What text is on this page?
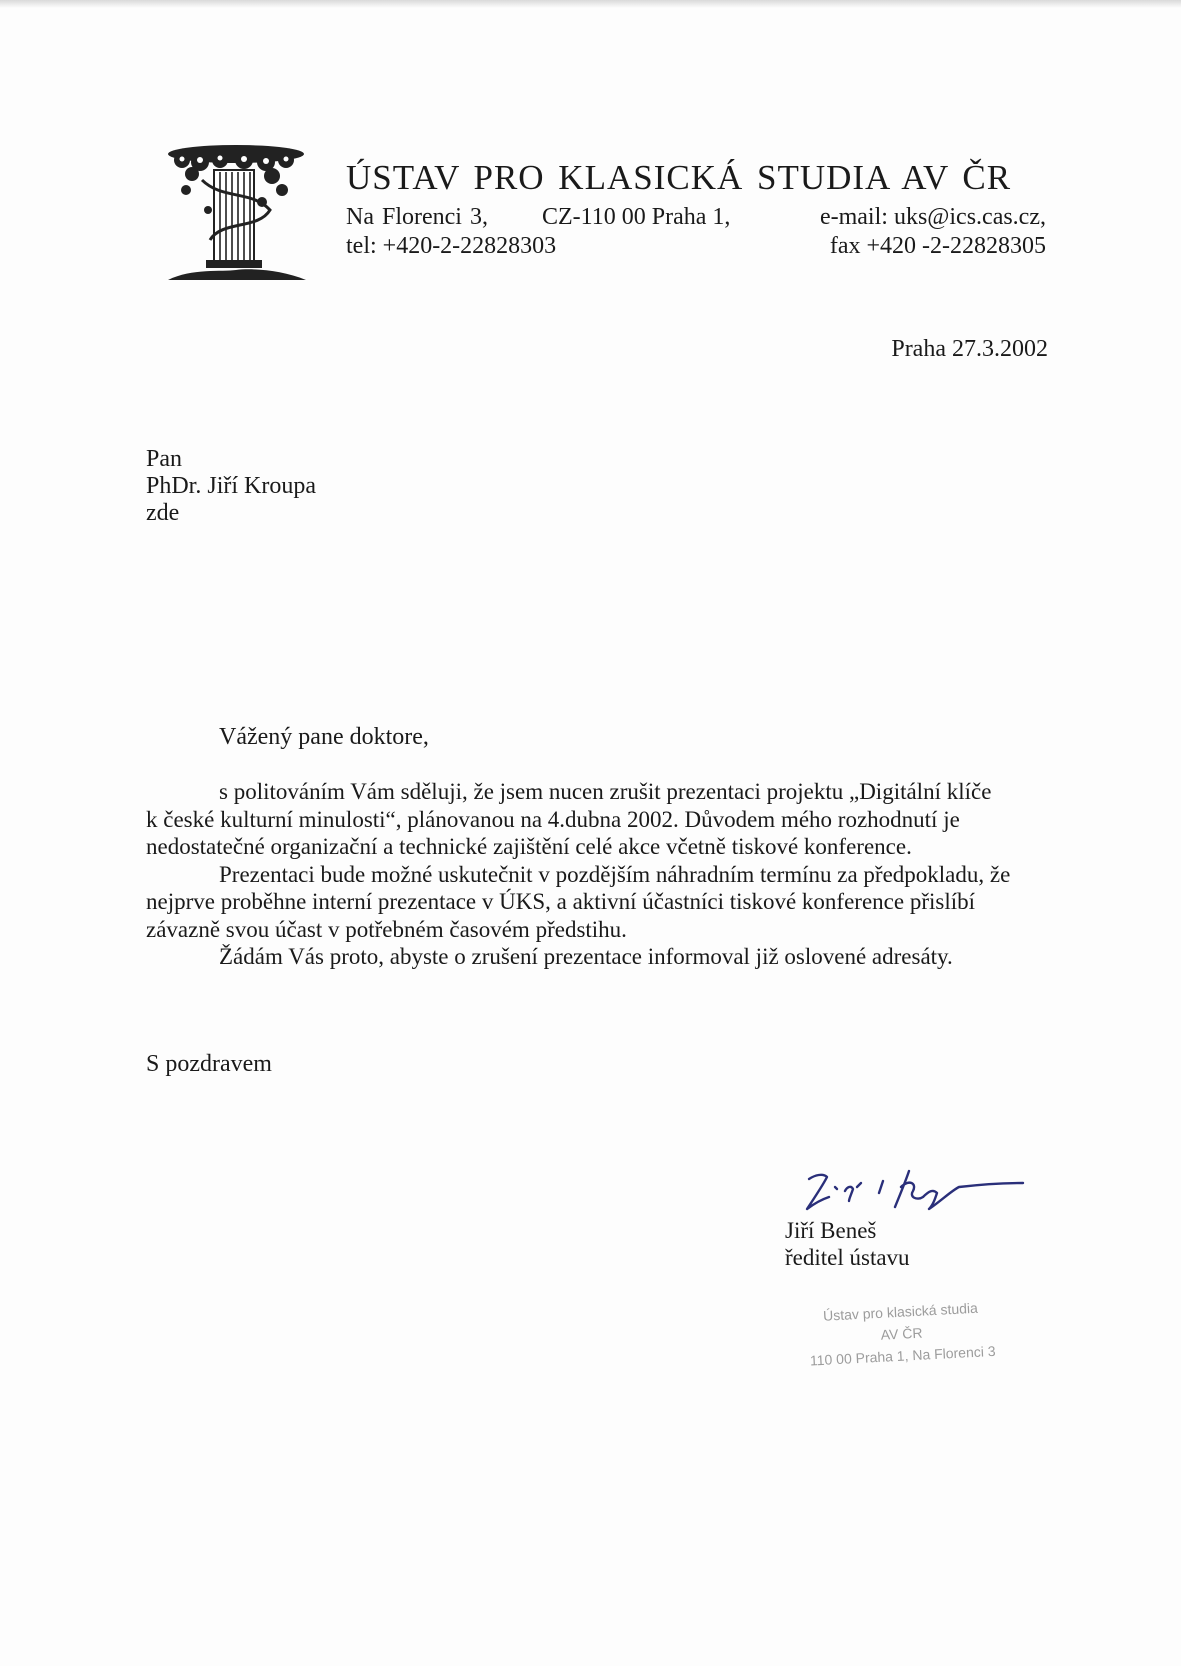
ÚSTAV PRO KLASICKÁ STUDIA AV ČR
Na Florenci 3, CZ-110 00 Praha 1,	e-mail: uks@ics.cas.cz,
tel: +420-2-22828303	fax +420 -2-22828305
Praha 27.3.2002
Pan
PhDr. Jiří Kroupa
zde
Vážený pane doktore,
s politováním Vám sděluji, že jsem nucen zrušit prezentaci projektu „Digitální klíče
k české kulturní minulosti“, plánovanou na 4.dubna 2002. Důvodem mého rozhodnutí je
nedostatečné organizační a technické zajištění celé akce včetně tiskové konference.
Prezentaci bude možné uskutečnit v pozdějším náhradním termínu za předpokladu, že
nejprve proběhne interní prezentace v ÚKS, a aktivní účastníci tiskové konference přislíbí
závazně svou účast v potřebném časovém předstihu.
Žádám Vás proto, abyste o zrušení prezentace informoval již oslovené adresáty.
S pozdravem
Jiří Beneš
ředitel ústavu
Ústav pro klasická studia
AV ČR
110 00 Praha 1, Na Florenci 3
